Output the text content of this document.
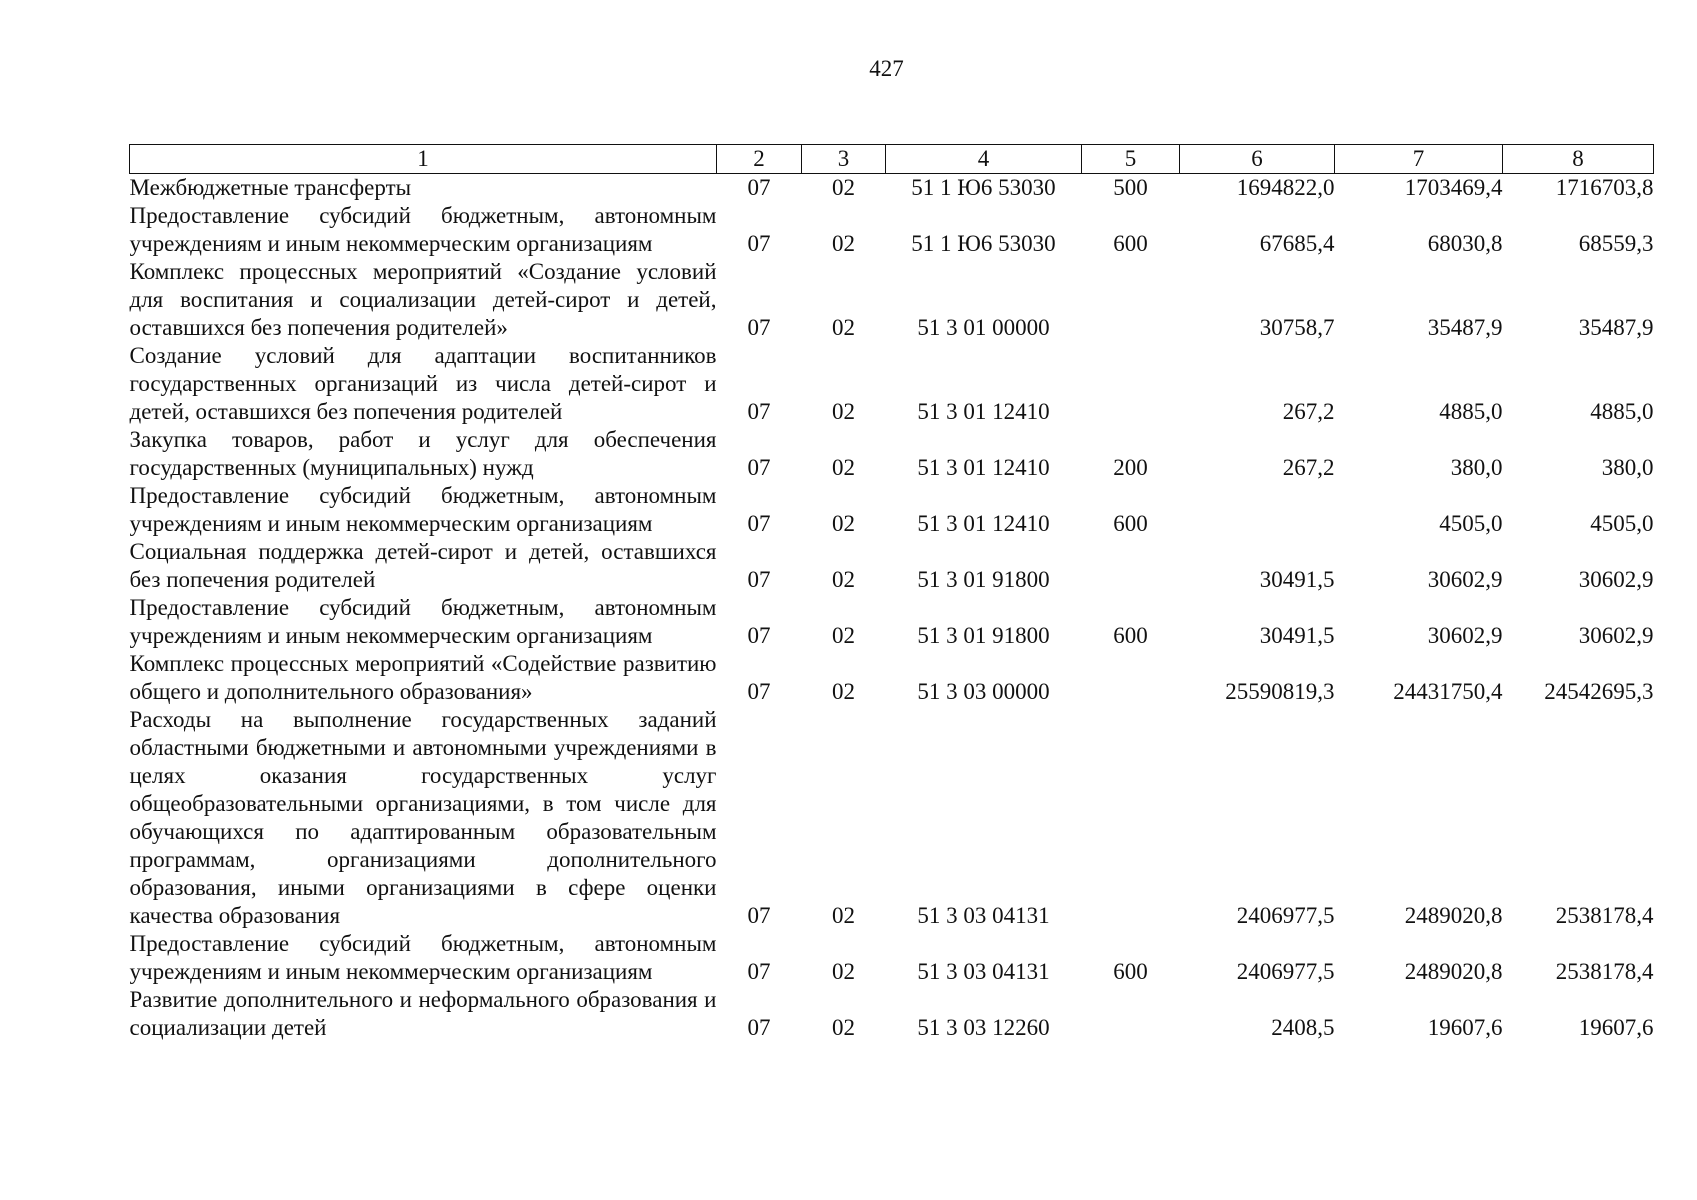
427
1	2	3	4	5	6	7	8
Межбюджетные трансферты	07	02	51 1 Ю6 53030	500	1694822,0	1703469,4	1716703,8
Предоставление субсидий бюджетным, автономным учреждениям и иным некоммерческим организациям	07	02	51 1 Ю6 53030	600	67685,4	68030,8	68559,3
Комплекс процессных мероприятий «Создание условий для воспитания и социализации детей-сирот и детей, оставшихся без попечения родителей»	07	02	51 3 01 00000		30758,7	35487,9	35487,9
Создание условий для адаптации воспитанников государственных организаций из числа детей-сирот и детей, оставшихся без попечения родителей	07	02	51 3 01 12410		267,2	4885,0	4885,0
Закупка товаров, работ и услуг для обеспечения государственных (муниципальных) нужд	07	02	51 3 01 12410	200	267,2	380,0	380,0
Предоставление субсидий бюджетным, автономным учреждениям и иным некоммерческим организациям	07	02	51 3 01 12410	600		4505,0	4505,0
Социальная поддержка детей-сирот и детей, оставшихся без попечения родителей	07	02	51 3 01 91800		30491,5	30602,9	30602,9
Предоставление субсидий бюджетным, автономным учреждениям и иным некоммерческим организациям	07	02	51 3 01 91800	600	30491,5	30602,9	30602,9
Комплекс процессных мероприятий «Содействие развитию общего и дополнительного образования»	07	02	51 3 03 00000		25590819,3	24431750,4	24542695,3
Расходы на выполнение государственных заданий областными бюджетными и автономными учреждениями в целях оказания государственных услуг общеобразовательными организациями, в том числе для обучающихся по адаптированным образовательным программам, организациями дополнительного образования, иными организациями в сфере оценки качества образования	07	02	51 3 03 04131		2406977,5	2489020,8	2538178,4
Предоставление субсидий бюджетным, автономным учреждениям и иным некоммерческим организациям	07	02	51 3 03 04131	600	2406977,5	2489020,8	2538178,4
Развитие дополнительного и неформального образования и социализации детей	07	02	51 3 03 12260		2408,5	19607,6	19607,6
